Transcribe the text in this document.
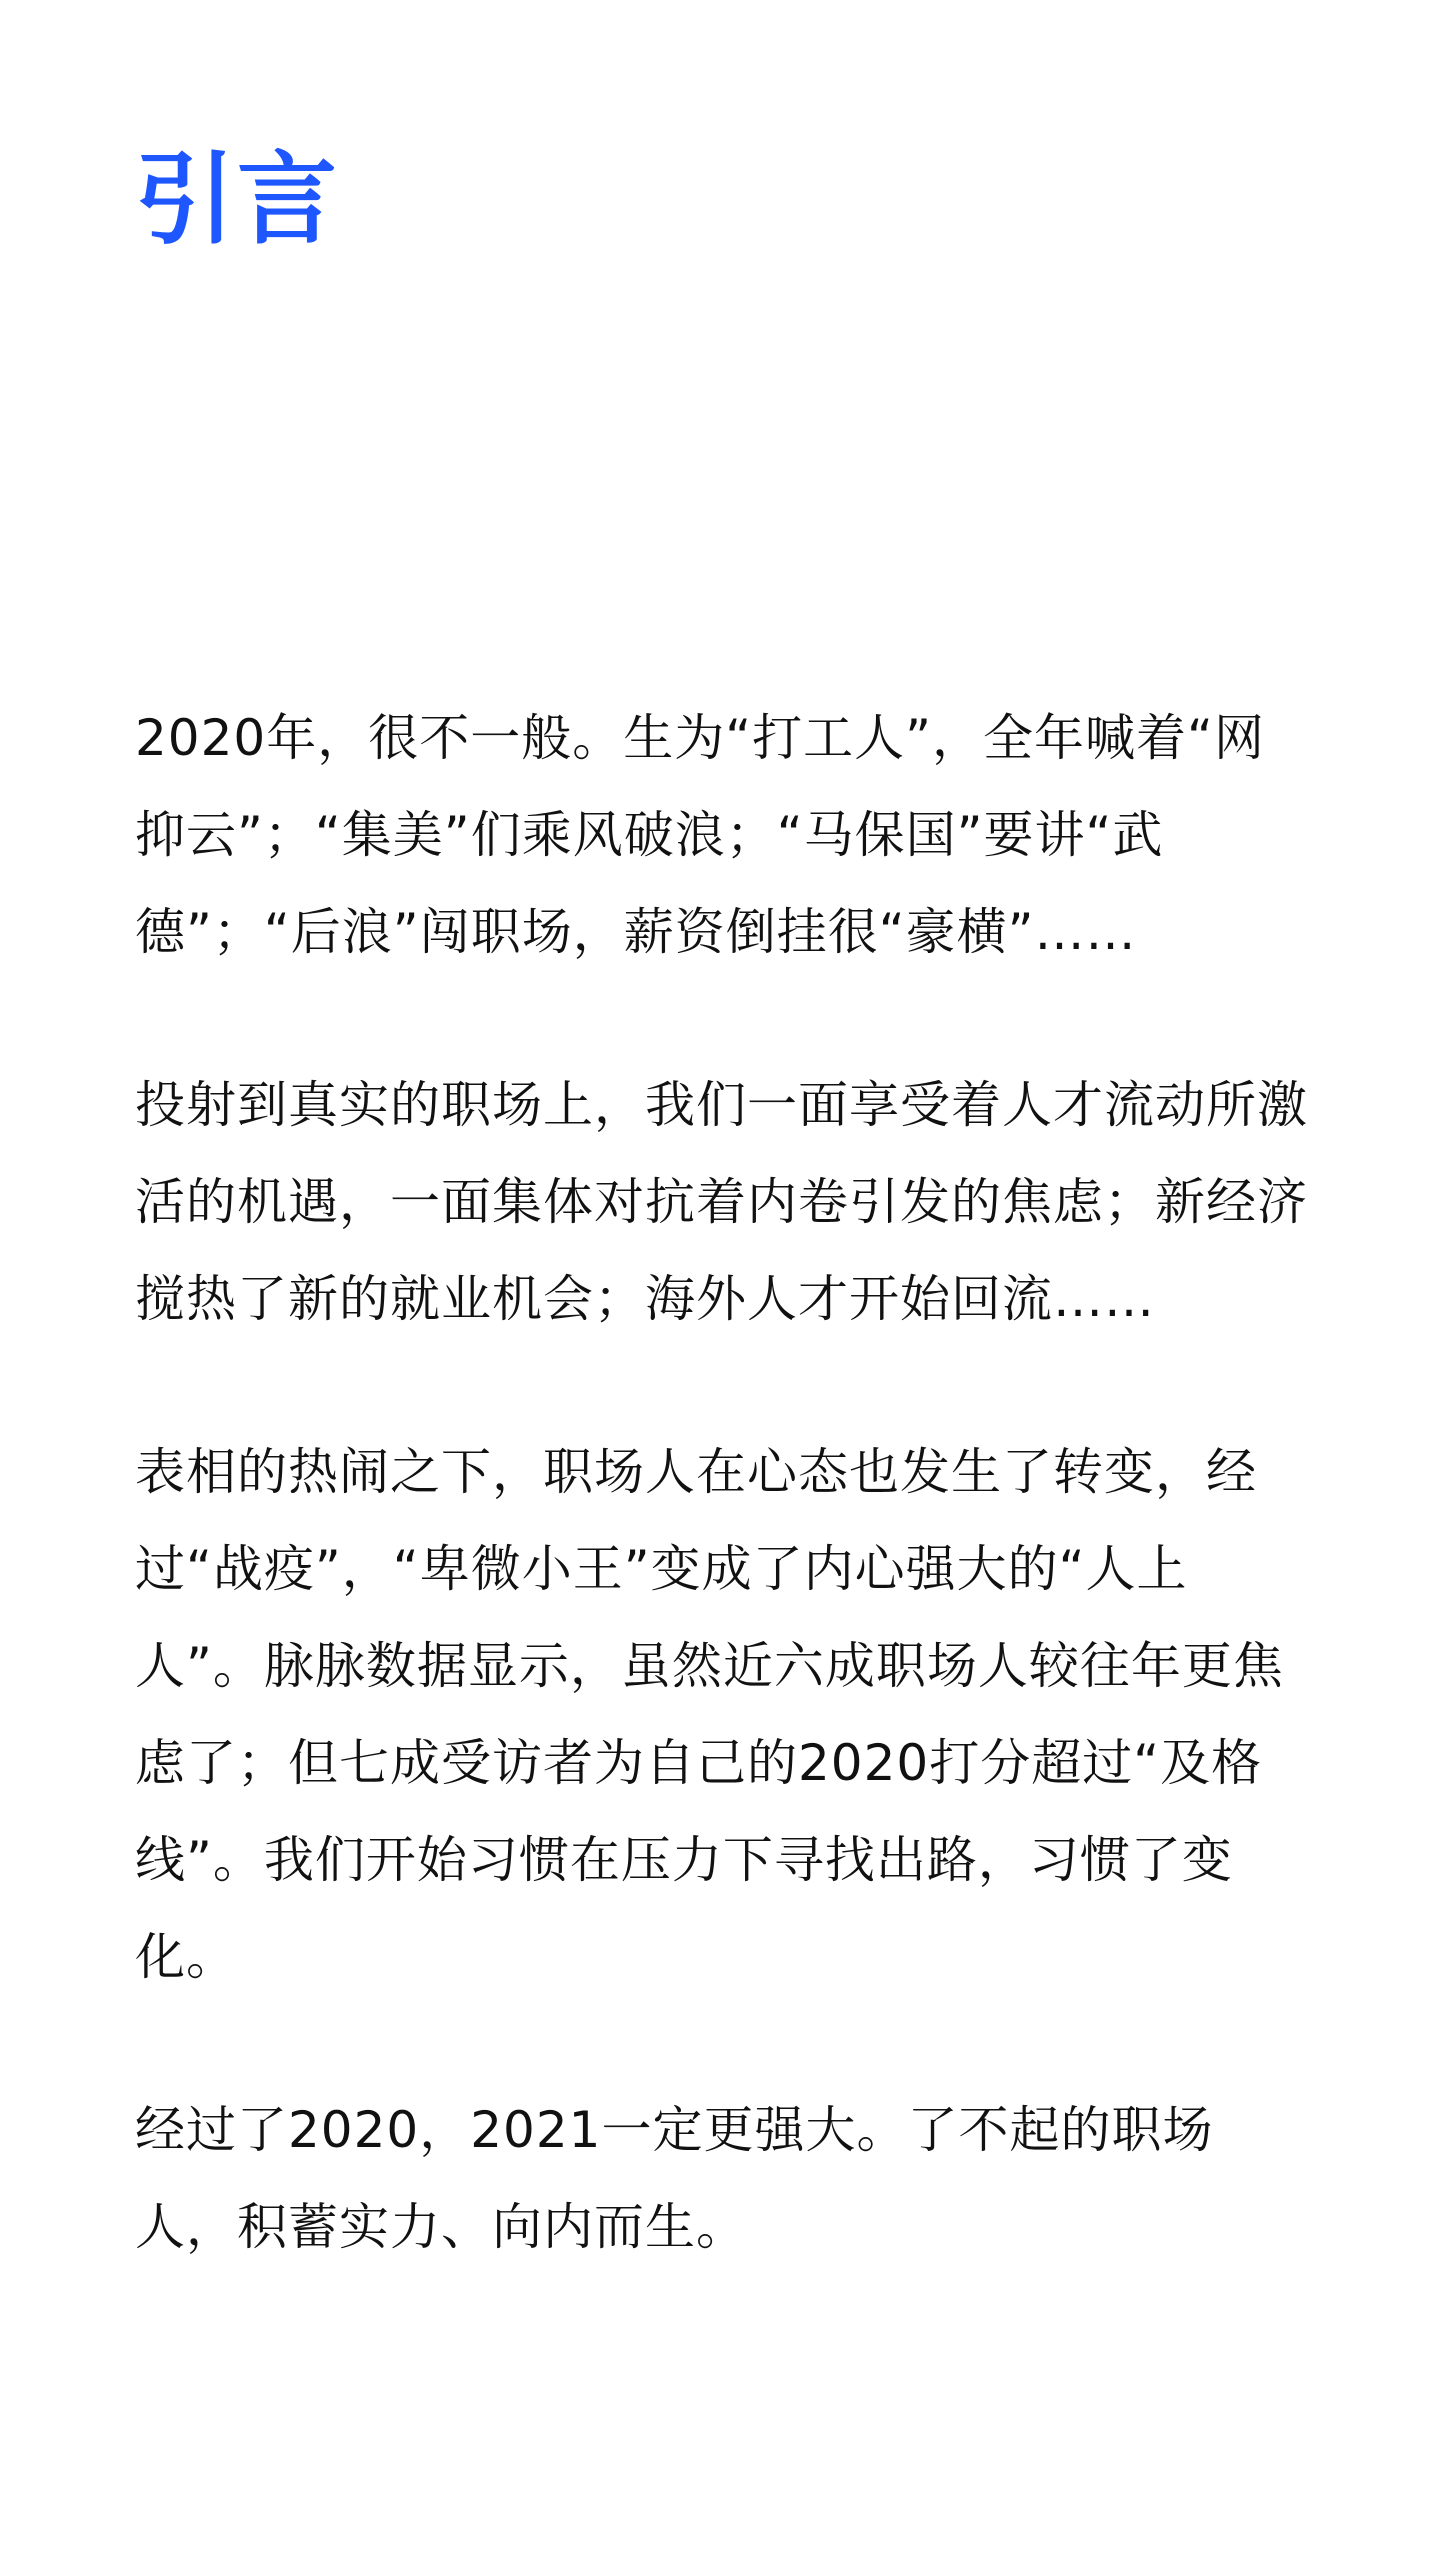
引言

2020年，很不一般。生为“打工人”，全年喊着“网抑云”；“集美”们乘风破浪；“马保国”要讲“武德”；“后浪”闯职场，薪资倒挂很“豪横”……

投射到真实的职场上，我们一面享受着人才流动所激活的机遇，一面集体对抗着内卷引发的焦虑；新经济搅热了新的就业机会；海外人才开始回流……

表相的热闹之下，职场人在心态也发生了转变，经过“战疫”，“卑微小王”变成了内心强大的“人上人”。脉脉数据显示，虽然近六成职场人较往年更焦虑了；但七成受访者为自己的2020打分超过“及格线”。我们开始习惯在压力下寻找出路，习惯了变化。

经过了2020，2021一定更强大。了不起的职场人，积蓄实力、向内而生。
